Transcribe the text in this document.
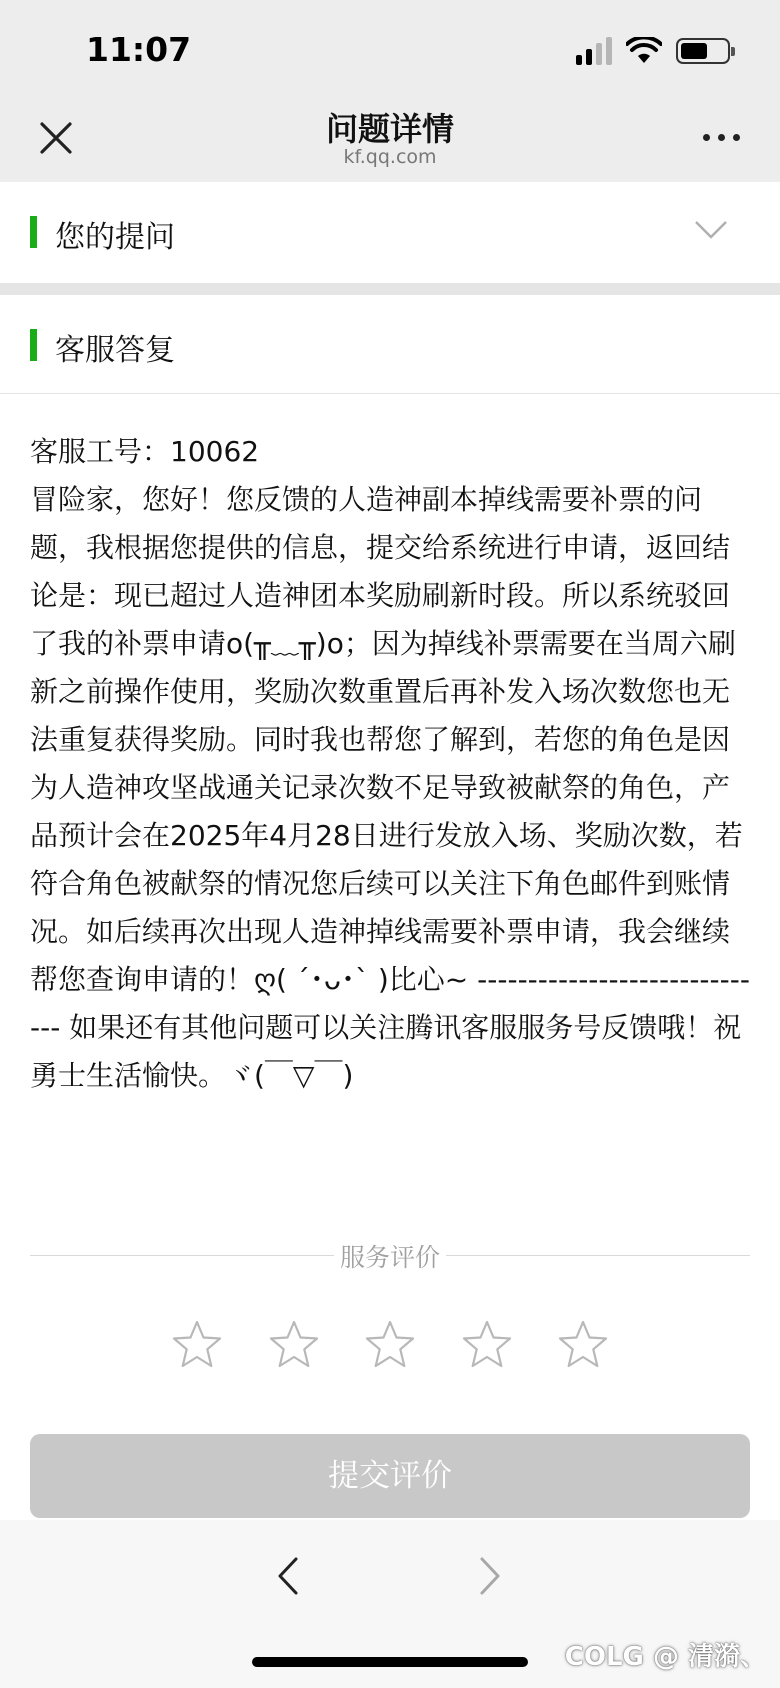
11:07
问题详情
kf.qq.com
您的提问
客服答复

客服工号：10062

冒险家，您好！您反馈的人造神副本掉线需要补票的问题，我根据您提供的信息，提交给系统进行申请，返回结论是：现已超过人造神团本奖励刷新时段。所以系统驳回了我的补票申请o(╥﹏╥)o；因为掉线补票需要在当周六刷新之前操作使用，奖励次数重置后再补发入场次数您也无法重复获得奖励。同时我也帮您了解到，若您的角色是因为人造神攻坚战通关记录次数不足导致被献祭的角色，产品预计会在2025年4月28日进行发放入场、奖励次数，若符合角色被献祭的情况您后续可以关注下角色邮件到账情况。如后续再次出现人造神掉线需要补票申请，我会继续帮您查询申请的！ღ( ´･ᴗ･` )比心~ ------------------------------ 如果还有其他问题可以关注腾讯客服服务号反馈哦！祝勇士生活愉快。ヾ(￣▽￣)

服务评价
提交评价
COLG @ 清漪、
